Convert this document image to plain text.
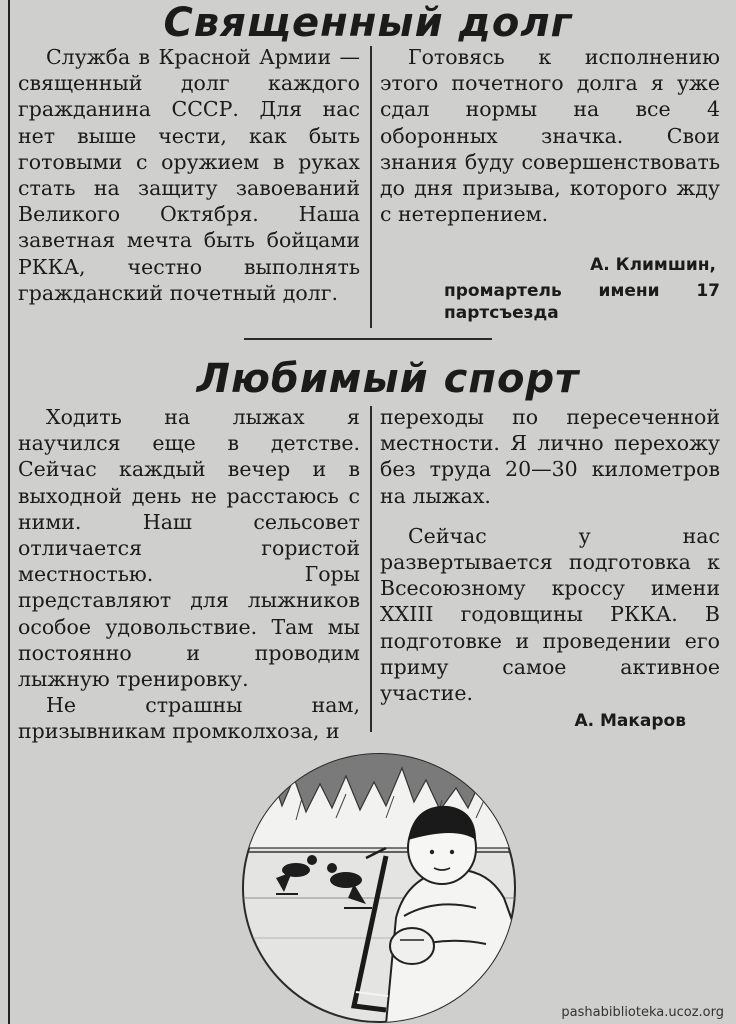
Священный долг

Служба в Красной Армии — священный долг каждого гражданина СССР. Для нас нет выше чести, как быть готовыми с оружием в руках стать на защиту завоеваний Великого Октября. Наша заветная мечта быть бойцами РККА, честно выполнять гражданский почетный долг.

Готовясь к исполнению этого почетного долга я уже сдал нормы на все 4 оборонных значка. Свои знания буду совершенствовать до дня призыва, которого жду с нетерпением.

А. Климшин,

промартель имени 17 партсъезда

Любимый спорт

Ходить на лыжах я научился еще в детстве. Сейчас каждый вечер и в выходной день не расстаюсь с ними. Наш сельсовет отличается гористой местностью. Горы представляют для лыжников особое удовольствие. Там мы постоянно и проводим лыжную тренировку.

Не страшны нам, призывникам промколхоза, и

переходы по пересеченной местности. Я лично перехожу без труда 20—30 километров на лыжах.

Сейчас у нас развертывается подготовка к Всесоюзному кроссу имени XXIII годовщины РККА. В подготовке и проведении его приму самое активное участие.

А. Макаров

pashabiblioteka.ucoz.org
